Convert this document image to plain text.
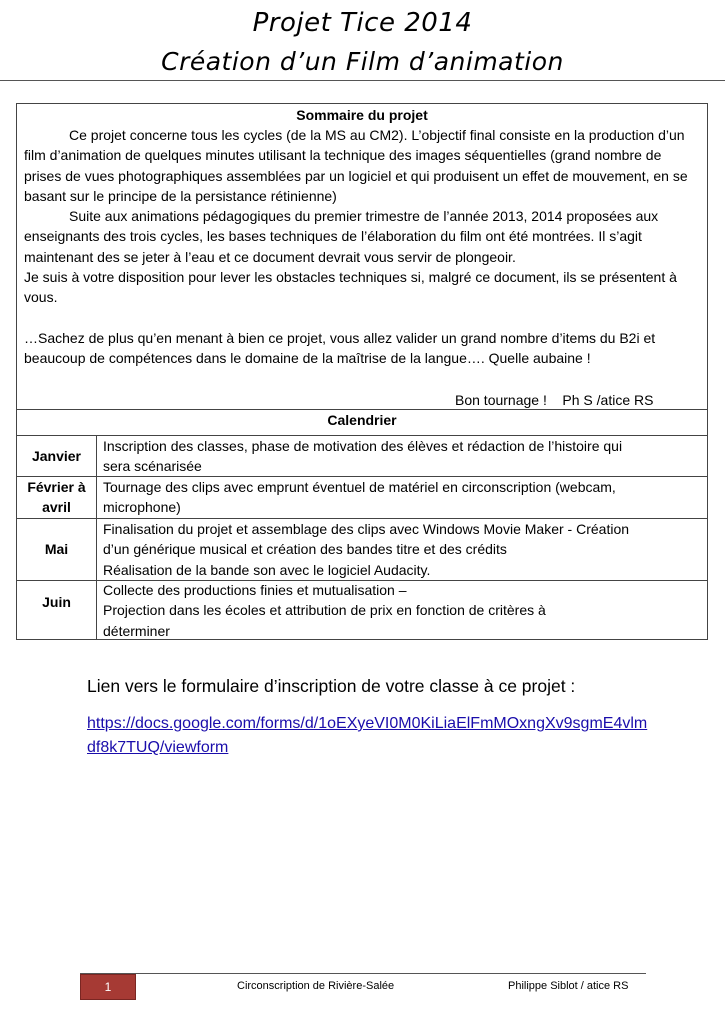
Projet Tice 2014
Création d’un Film d’animation
Sommaire du projet

Ce projet concerne tous les cycles (de la MS au CM2). L’objectif final consiste en la production d’un film d’animation de quelques minutes utilisant la technique des images séquentielles (grand nombre de prises de vues photographiques assemblées par un logiciel et qui produisent un effet de mouvement, en se basant sur le principe de la persistance rétinienne)

Suite aux animations pédagogiques du premier trimestre de l’année 2013, 2014 proposées aux enseignants des trois cycles, les bases techniques de l’élaboration du film ont été montrées. Il s’agit maintenant des se jeter à l’eau et ce document devrait vous servir de plongeoir.

Je suis à votre disposition pour lever les obstacles techniques si, malgré ce document, ils se présentent à vous.

…Sachez de plus qu’en menant à bien ce projet, vous allez valider un grand nombre d’items du B2i et beaucoup de compétences dans le domaine de la maîtrise de la langue…. Quelle aubaine !

Bon tournage !    Ph S /atice RS
Calendrier
Janvier
Inscription des classes, phase de motivation des élèves et rédaction de l’histoire qui
sera scénarisée
Février à avril
Tournage des clips avec emprunt éventuel de matériel en circonscription (webcam,
microphone)
Mai
Finalisation du projet et assemblage des clips avec Windows Movie Maker - Création
d’un générique musical et création des bandes titre et des crédits
Réalisation de la bande son avec le logiciel Audacity.
Juin
Collecte des productions finies et mutualisation –
Projection dans les écoles et attribution de prix en fonction de critères à
déterminer
Lien vers le formulaire d’inscription de votre classe à ce projet :
https://docs.google.com/forms/d/1oEXyeVI0M0KiLiaElFmMOxngXv9sgmE4vlm
df8k7TUQ/viewform
1	Circonscription de Rivière-Salée	Philippe Siblot / atice RS
